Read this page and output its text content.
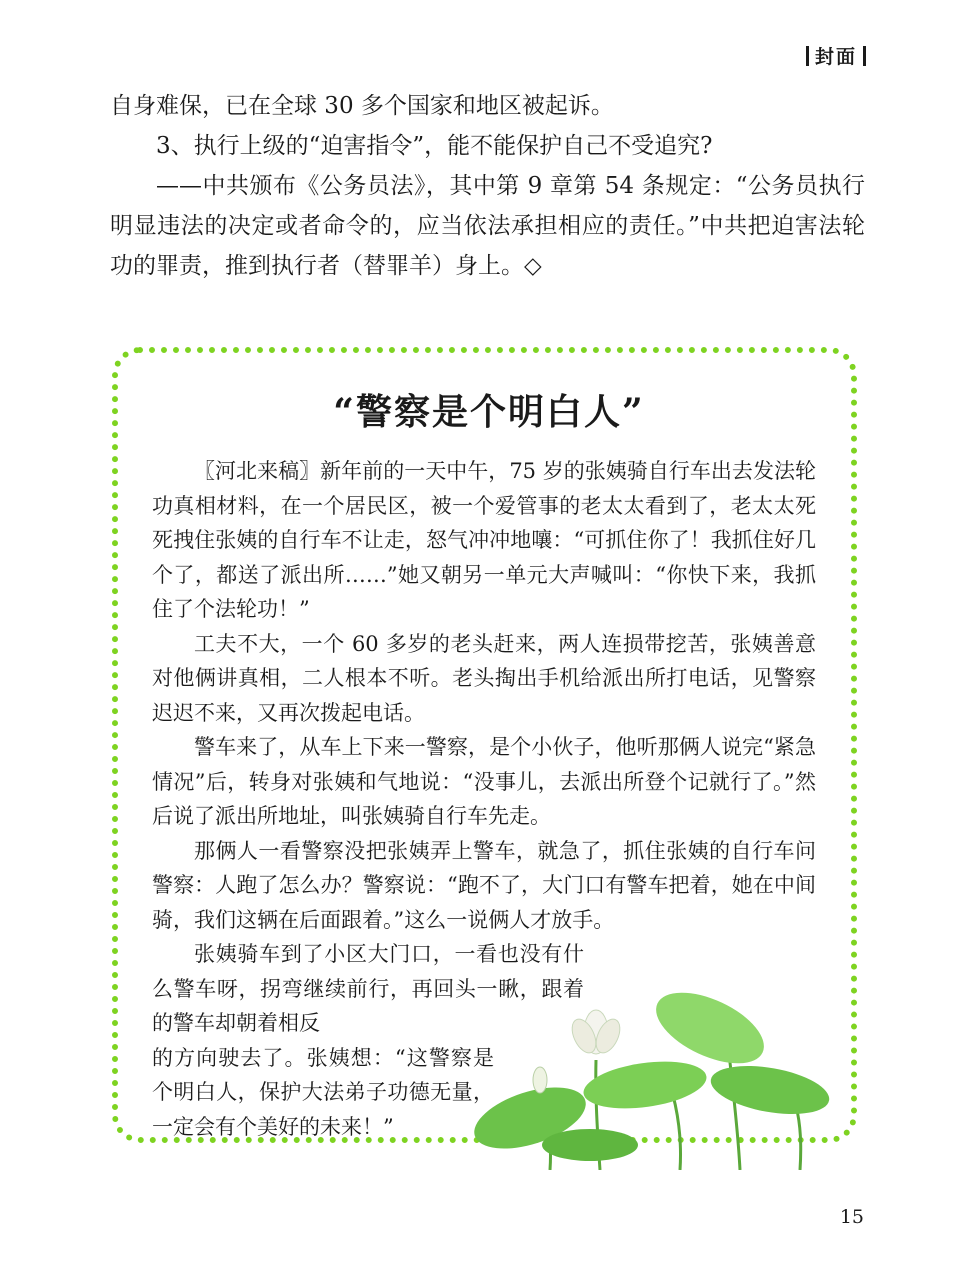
封面

自身难保，已在全球 30 多个国家和地区被起诉。

3、执行上级的“迫害指令”，能不能保护自己不受追究?

——中共颁布《公务员法》，其中第 9 章第 54 条规定：“公务员执行明显违法的决定或者命令的，应当依法承担相应的责任。”中共把迫害法轮功的罪责，推到执行者（替罪羊）身上。◇

“警察是个明白人”

〖河北来稿〗新年前的一天中午，75 岁的张姨骑自行车出去发法轮功真相材料，在一个居民区，被一个爱管事的老太太看到了，老太太死死拽住张姨的自行车不让走，怒气冲冲地嚷：“可抓住你了！我抓住好几个了，都送了派出所……”她又朝另一单元大声喊叫：“你快下来，我抓住了个法轮功！”

工夫不大，一个 60 多岁的老头赶来，两人连损带挖苦，张姨善意对他俩讲真相，二人根本不听。老头掏出手机给派出所打电话，见警察迟迟不来，又再次拨起电话。

警车来了，从车上下来一警察，是个小伙子，他听那俩人说完“紧急情况”后，转身对张姨和气地说：“没事儿，去派出所登个记就行了。”然后说了派出所地址，叫张姨骑自行车先走。

那俩人一看警察没把张姨弄上警车，就急了，抓住张姨的自行车问警察：人跑了怎么办？警察说：“跑不了，大门口有警车把着，她在中间骑，我们这辆在后面跟着。”这么一说俩人才放手。

张姨骑车到了小区大门口，一看也没有什么警车呀，拐弯继续前行，再回头一瞅，跟着的警车却朝着相反

的方向驶去了。张姨想：“这警察是个明白人，保护大法弟子功德无量，一定会有个美好的未来！”

15
